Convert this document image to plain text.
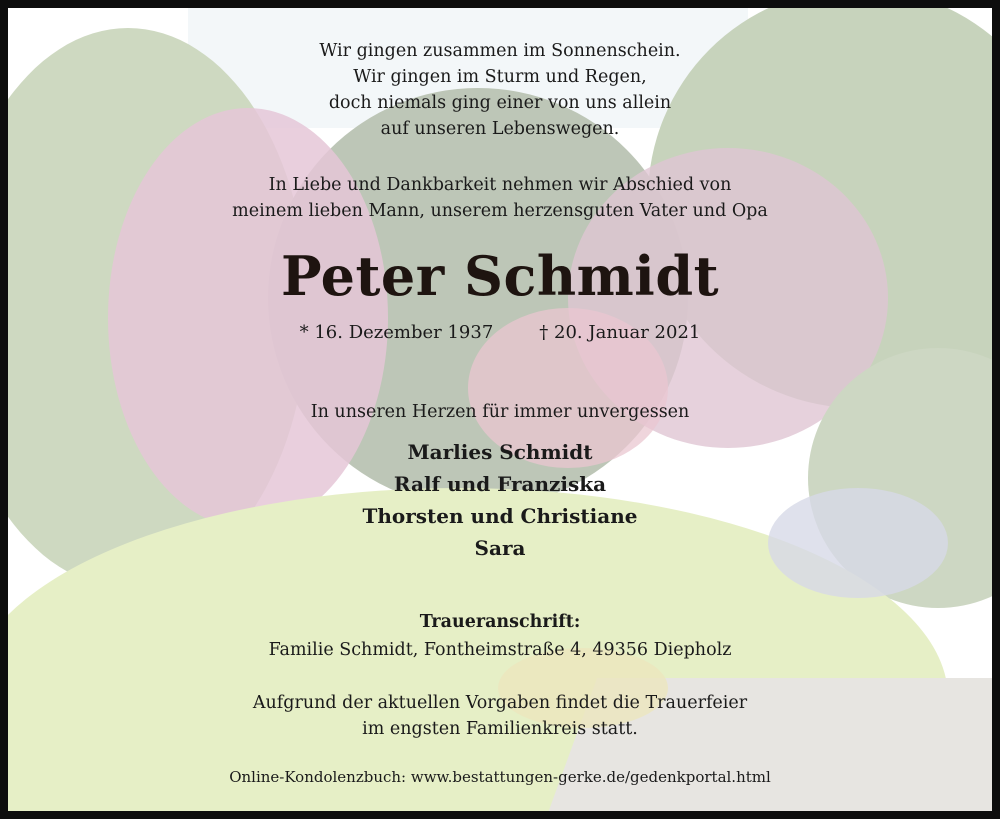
Wir gingen zusammen im Sonnenschein.

Wir gingen im Sturm und Regen,

doch niemals ging einer von uns allein

auf unseren Lebenswegen.

In Liebe und Dankbarkeit nehmen wir Abschied von

meinem lieben Mann, unserem herzensguten Vater und Opa

Peter Schmidt

* 16. Dezember 1937	† 20. Januar 2021

In unseren Herzen für immer unvergessen

Marlies Schmidt

Ralf und Franziska

Thorsten und Christiane

Sara

Traueranschrift:

Familie Schmidt, Fontheimstraße 4, 49356 Diepholz

Aufgrund der aktuellen Vorgaben findet die Trauerfeier

im engsten Familienkreis statt.

Online-Kondolenzbuch: www.bestattungen-gerke.de/gedenkportal.html
